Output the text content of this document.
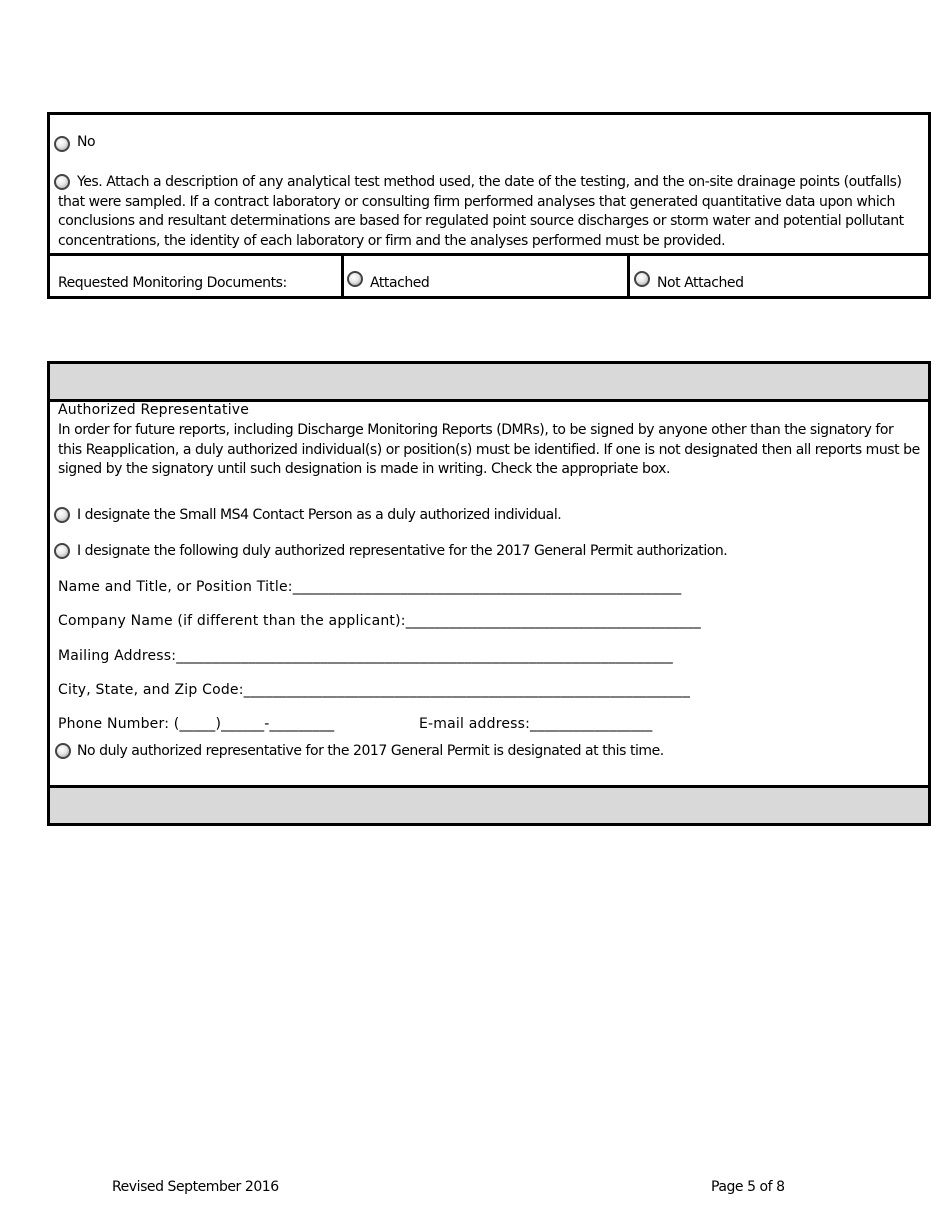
No
Yes. Attach a description of any analytical test method used, the date of the testing, and the on-site drainage points (outfalls) that were sampled. If a contract laboratory or consulting firm performed analyses that generated quantitative data upon which conclusions and resultant determinations are based for regulated point source discharges or storm water and potential pollutant concentrations, the identity of each laboratory or firm and the analyses performed must be provided.
Requested Monitoring Documents:	Attached	Not Attached
Authorized Representative
In order for future reports, including Discharge Monitoring Reports (DMRs), to be signed by anyone other than the signatory for this Reapplication, a duly authorized individual(s) or position(s) must be identified. If one is not designated then all reports must be signed by the signatory until such designation is made in writing. Check the appropriate box.
I designate the Small MS4 Contact Person as a duly authorized individual.
I designate the following duly authorized representative for the 2017 General Permit authorization.
Name and Title, or Position Title:______________________________________________________
Company Name (if different than the applicant):_________________________________________
Mailing Address:_____________________________________________________________________
City, State, and Zip Code:______________________________________________________________
Phone Number: (_____)______-_________	E-mail address:_________________
No duly authorized representative for the 2017 General Permit is designated at this time.
Revised September 2016	Page 5 of 8
